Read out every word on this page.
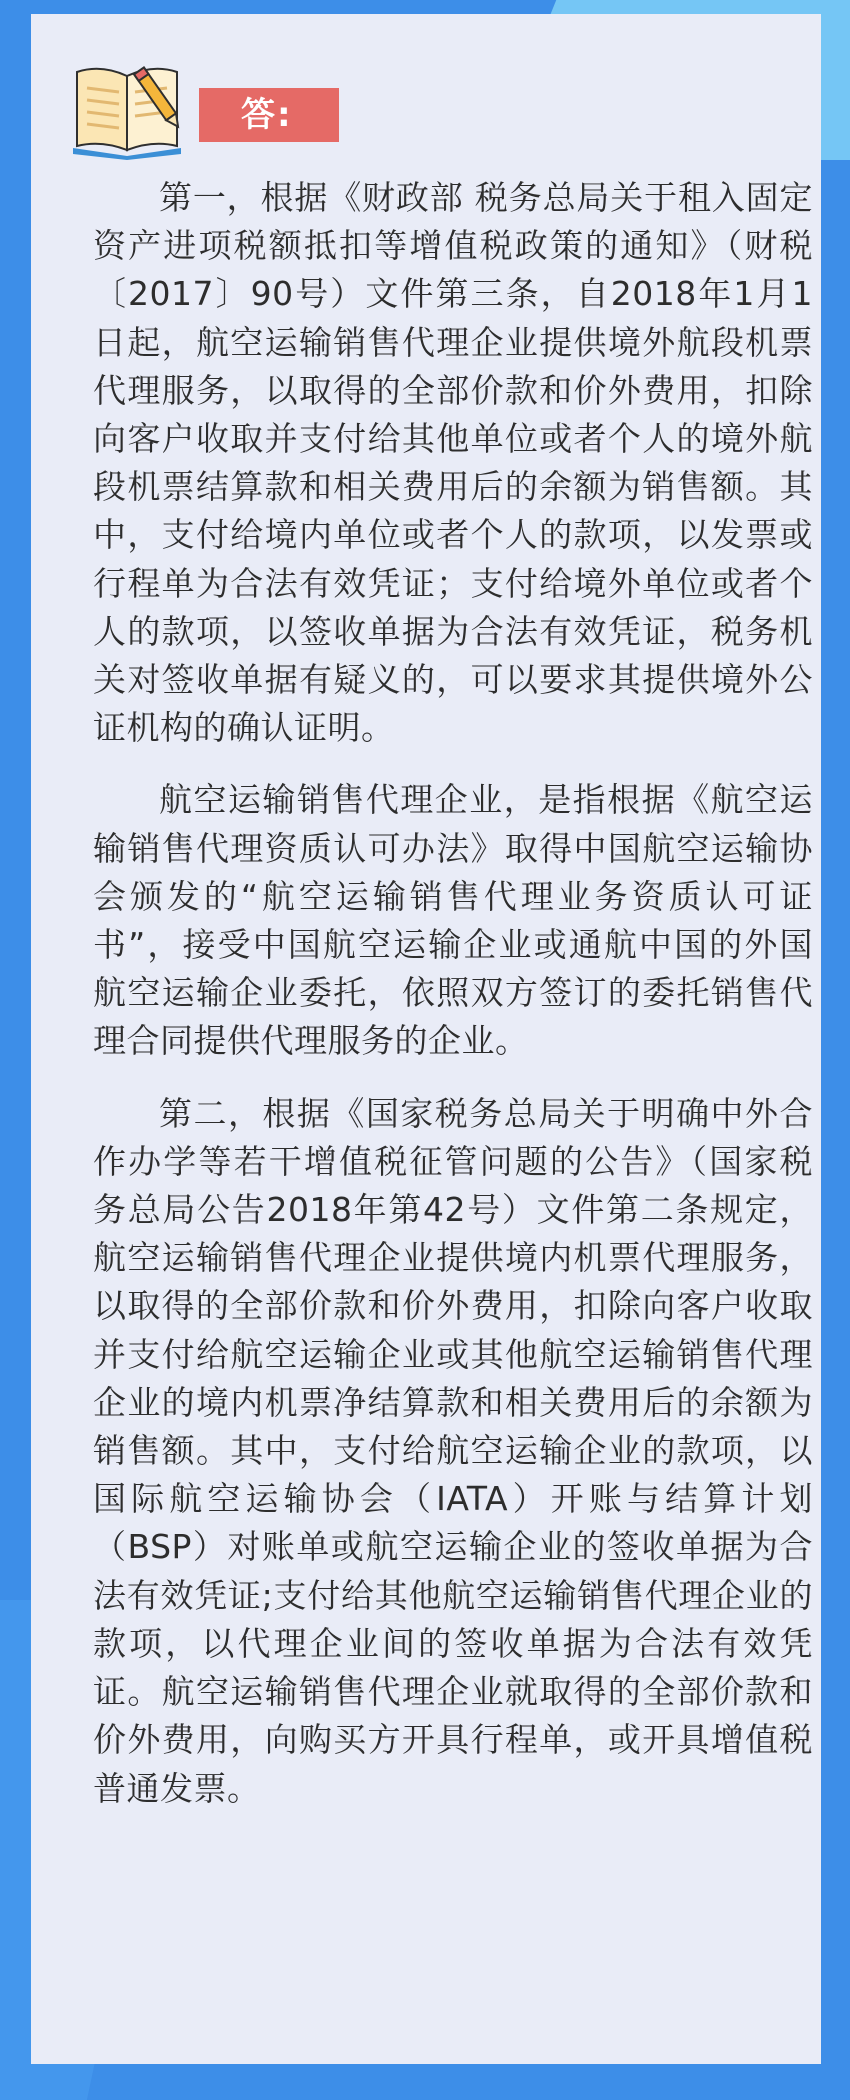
答:

第一，根据《财政部 税务总局关于租入固定资产进项税额抵扣等增值税政策的通知》（财税〔2017〕90号）文件第三条，自2018年1月1日起，航空运输销售代理企业提供境外航段机票代理服务，以取得的全部价款和价外费用，扣除向客户收取并支付给其他单位或者个人的境外航段机票结算款和相关费用后的余额为销售额。其中，支付给境内单位或者个人的款项，以发票或行程单为合法有效凭证；支付给境外单位或者个人的款项，以签收单据为合法有效凭证，税务机关对签收单据有疑义的，可以要求其提供境外公证机构的确认证明。

航空运输销售代理企业，是指根据《航空运输销售代理资质认可办法》取得中国航空运输协会颁发的“航空运输销售代理业务资质认可证书”，接受中国航空运输企业或通航中国的外国航空运输企业委托，依照双方签订的委托销售代理合同提供代理服务的企业。

第二，根据《国家税务总局关于明确中外合作办学等若干增值税征管问题的公告》（国家税务总局公告2018年第42号）文件第二条规定，航空运输销售代理企业提供境内机票代理服务，以取得的全部价款和价外费用，扣除向客户收取并支付给航空运输企业或其他航空运输销售代理企业的境内机票净结算款和相关费用后的余额为销售额。其中，支付给航空运输企业的款项，以国际航空运输协会（IATA）开账与结算计划（BSP）对账单或航空运输企业的签收单据为合法有效凭证;支付给其他航空运输销售代理企业的款项，以代理企业间的签收单据为合法有效凭证。航空运输销售代理企业就取得的全部价款和价外费用，向购买方开具行程单，或开具增值税普通发票。
